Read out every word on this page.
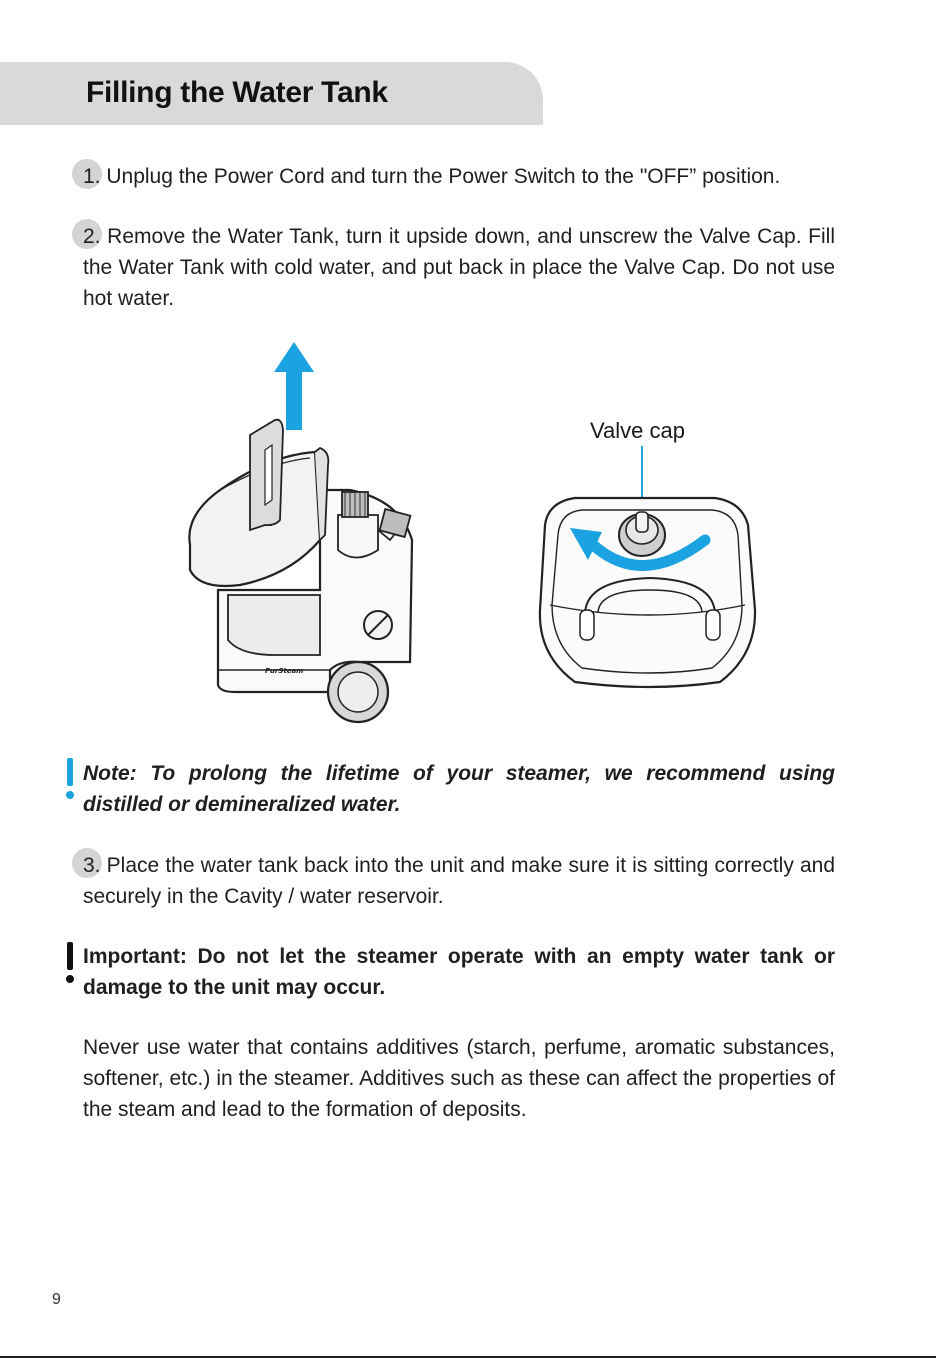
Filling the Water Tank
1. Unplug the Power Cord and turn the Power Switch to the "OFF” position.
2. Remove the Water Tank, turn it upside down, and unscrew the Valve Cap. Fill the Water Tank with cold water, and put back in place the Valve Cap. Do not use hot water.
PurSteam
Valve cap
Note: To prolong the lifetime of your steamer, we recommend using distilled or demineralized water.
3. Place the water tank back into the unit and make sure it is sitting correctly and securely in the Cavity / water reservoir.
Important: Do not let the steamer operate with an empty water tank or damage to the unit may occur.
Never use water that contains additives (starch, perfume, aromatic substances, softener, etc.) in the steamer. Additives such as these can affect the properties of the steam and lead to the formation of deposits.
9
